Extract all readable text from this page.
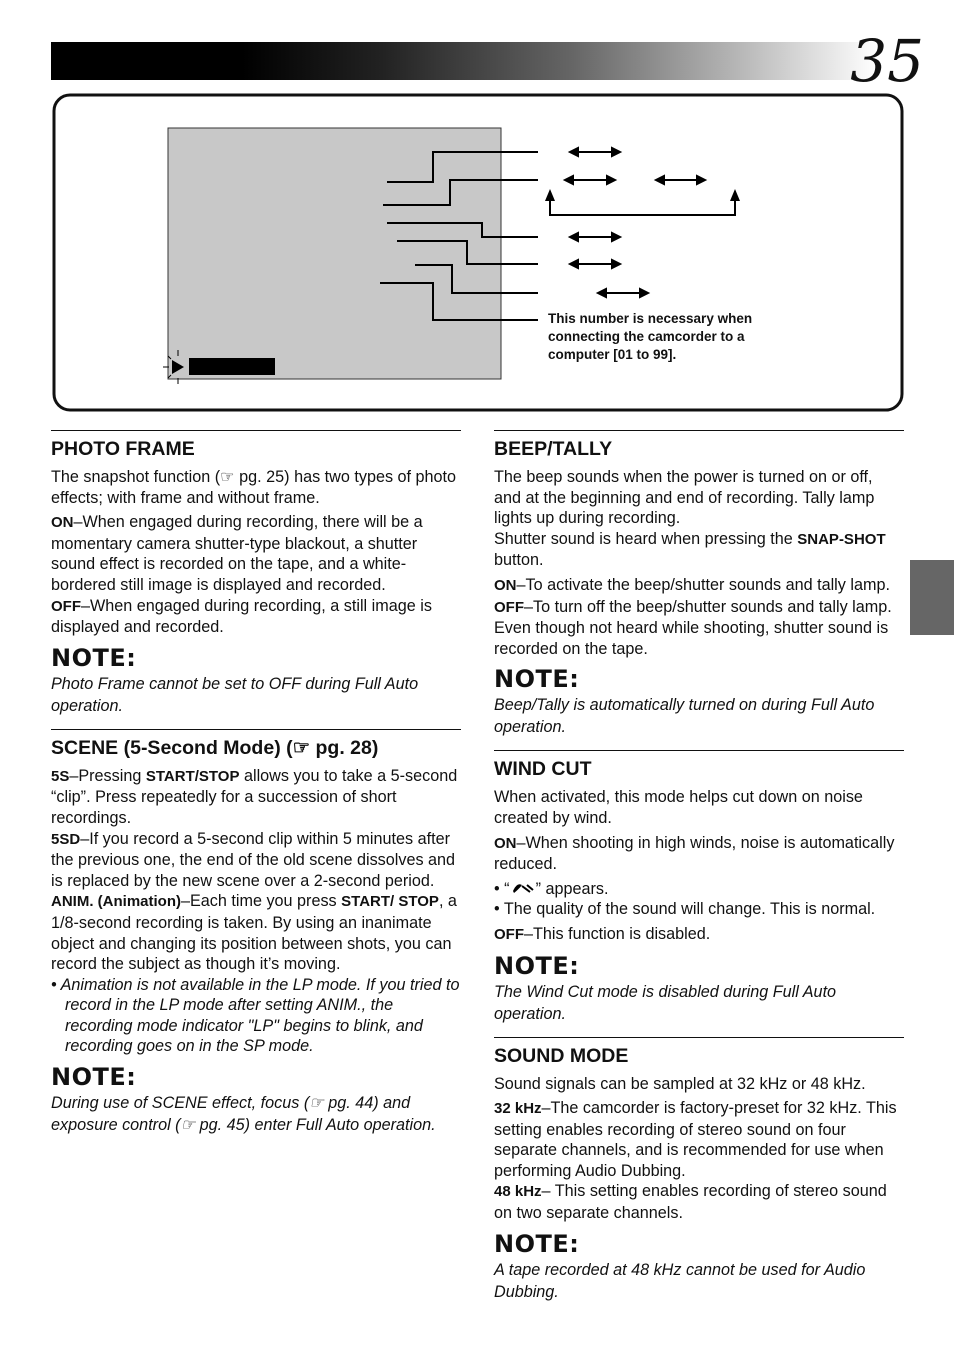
35
This number is necessary when connecting the camcorder to a computer [01 to 99].
PHOTO FRAME

The snapshot function (☞ pg. 25) has two types of photo effects; with frame and without frame.

ON–When engaged during recording, there will be a momentary camera shutter-type blackout, a shutter sound effect is recorded on the tape, and a white-bordered still image is displayed and recorded.

OFF–When engaged during recording, a still image is displayed and recorded.

NOTE:

Photo Frame cannot be set to OFF during Full Auto operation.

SCENE (5-Second Mode) (☞ pg. 28)

5S–Pressing START/STOP allows you to take a 5-second “clip”. Press repeatedly for a succession of short recordings.

5SD–If you record a 5-second clip within 5 minutes after the previous one, the end of the old scene dissolves and is replaced by the new scene over a 2-second period.

ANIM. (Animation)–Each time you press START/ STOP, a 1/8-second recording is taken. By using an inanimate object and changing its position between shots, you can record the subject as though it’s moving.

• Animation is not available in the LP mode. If you tried to record in the LP mode after setting ANIM., the recording mode indicator "LP" begins to blink, and recording goes on in the SP mode.

NOTE:

During use of SCENE effect, focus (☞ pg. 44) and exposure control (☞ pg. 45) enter Full Auto operation.

BEEP/TALLY

The beep sounds when the power is turned on or off, and at the beginning and end of recording. Tally lamp lights up during recording.

Shutter sound is heard when pressing the SNAP-SHOT button.

ON–To activate the beep/shutter sounds and tally lamp.

OFF–To turn off the beep/shutter sounds and tally lamp. Even though not heard while shooting, shutter sound is recorded on the tape.

NOTE:

Beep/Tally is automatically turned on during Full Auto operation.

WIND CUT

When activated, this mode helps cut down on noise created by wind.

ON–When shooting in high winds, noise is automatically reduced.

• “ ” appears.

• The quality of the sound will change. This is normal.

OFF–This function is disabled.

NOTE:

The Wind Cut mode is disabled during Full Auto operation.

SOUND MODE

Sound signals can be sampled at 32 kHz or 48 kHz.

32 kHz–The camcorder is factory-preset for 32 kHz. This setting enables recording of stereo sound on four separate channels, and is recommended for use when performing Audio Dubbing.

48 kHz– This setting enables recording of stereo sound on two separate channels.

NOTE:

A tape recorded at 48 kHz cannot be used for Audio Dubbing.
